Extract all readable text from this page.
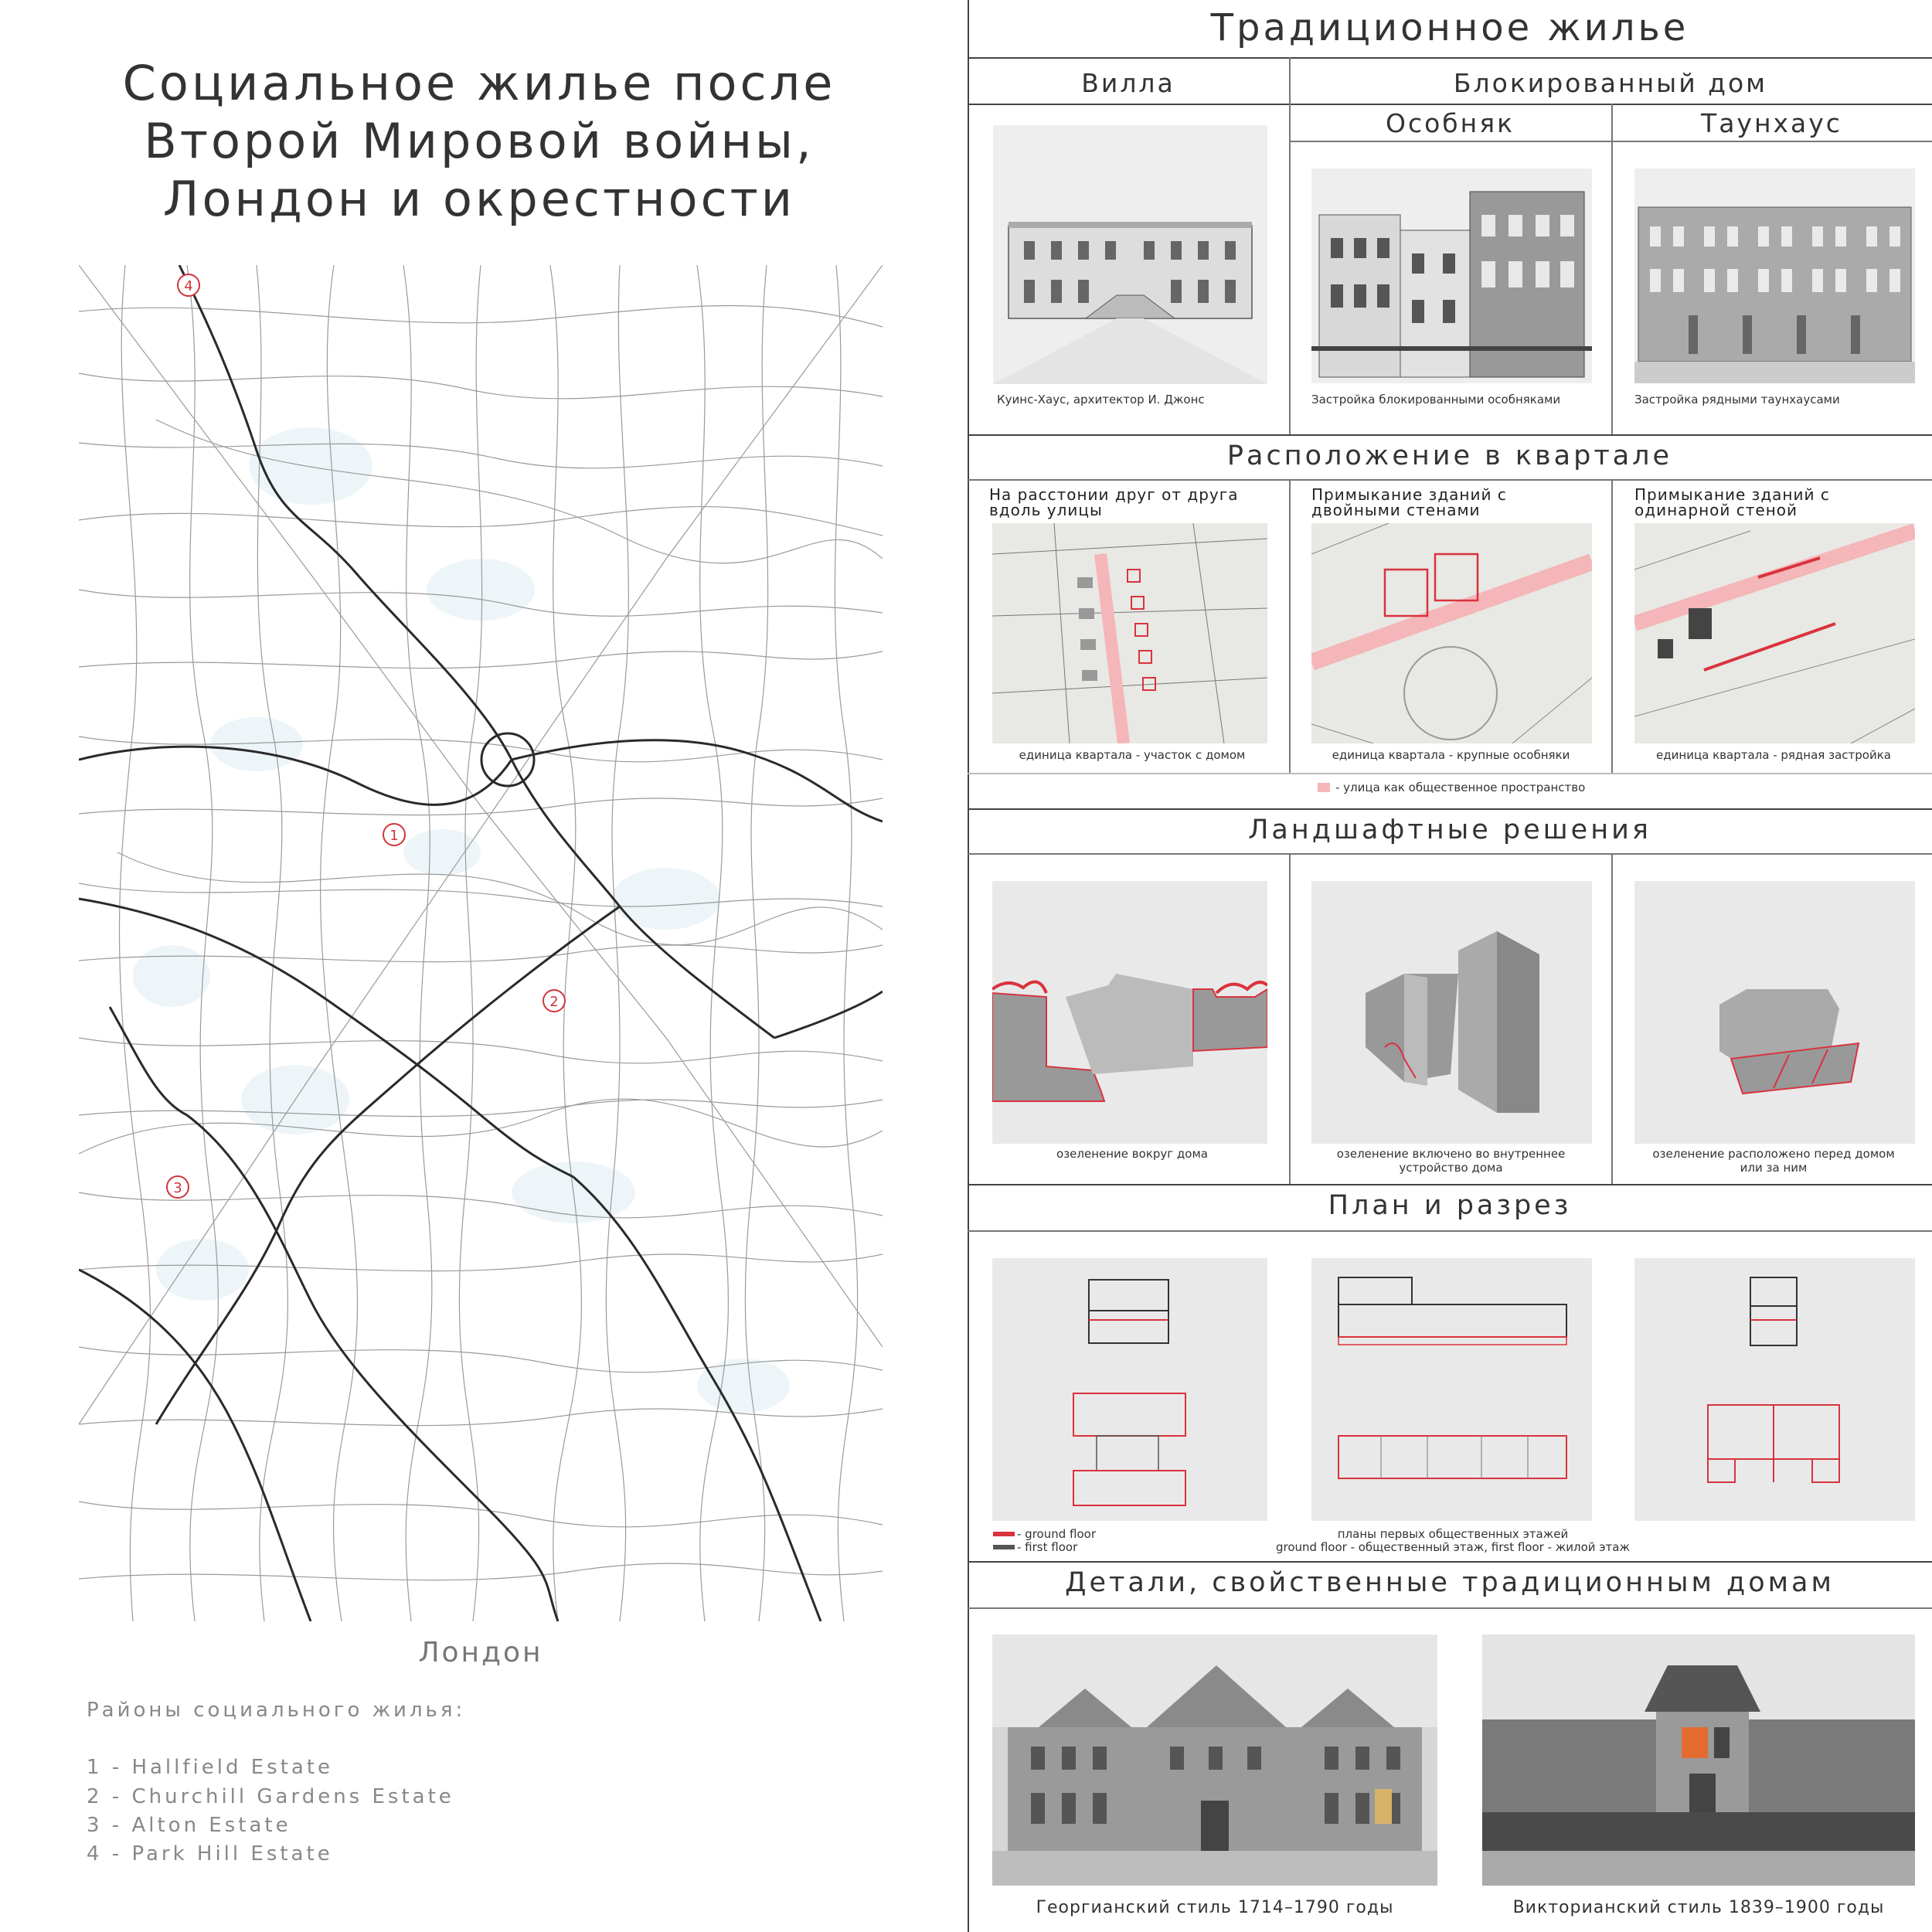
Социальное жилье после
Второй Мировой войны,
Лондон и окрестности
1
2
3
4
Лондон
Районы социального жилья:
1 - Hallfield Estate
2 - Churchill Gardens Estate
3 - Alton Estate
4 - Park Hill Estate
Традиционное жилье
Вилла	Блокированный дом
Особняк	Таунхаус
Куинс-Хаус, архитектор И. Джонс	Застройка блокированными особняками	Застройка рядными таунхаусами
Расположение в квартале
На расстонии друг от друга
вдоль улицы
Примыкание зданий с
двойными стенами
Примыкание зданий с
одинарной стеной
единица квартала - участок с домом	единица квартала - крупные особняки	единица квартала - рядная застройка
- улица как общественное пространство
Ландшафтные решения
озеленение вокруг дома	озеленение включено во внутреннее
устройство дома
озеленение расположено перед домом
или за ним
План и разрез
- ground floor
- first floor
планы первых общественных этажей
ground floor - общественный этаж, first floor - жилой этаж
Детали, свойственные традиционным домам
Георгианский стиль 1714–1790 годы	Викторианский стиль 1839–1900 годы
